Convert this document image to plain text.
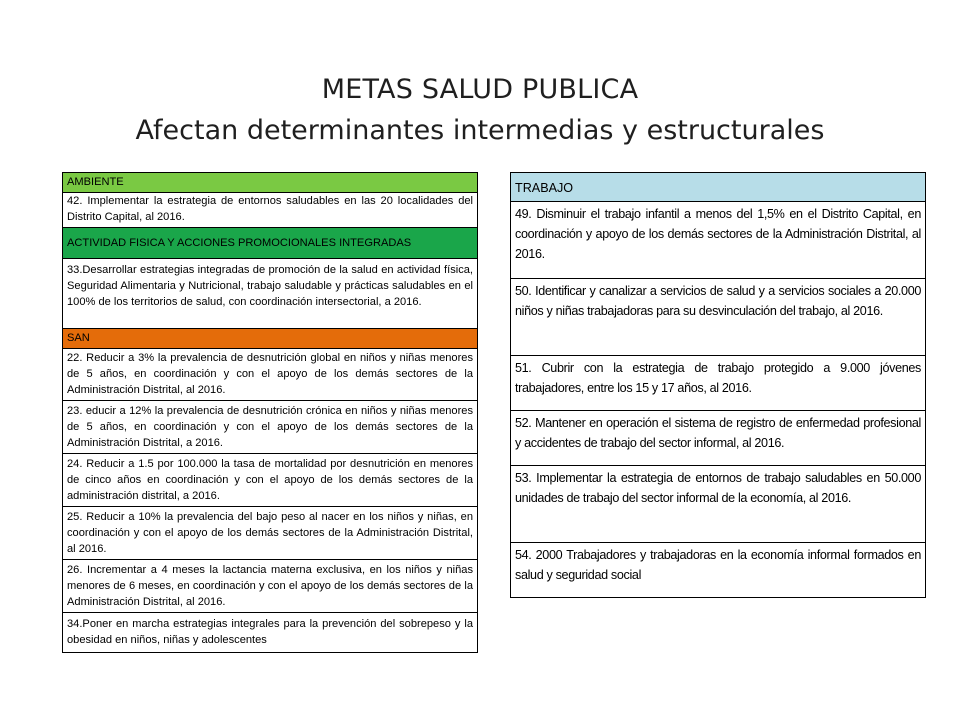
METAS SALUD PUBLICA
Afectan determinantes intermedias y estructurales
AMBIENTE
42. Implementar la estrategia de entornos saludables en las 20 localidades del Distrito Capital, al 2016.
ACTIVIDAD FISICA Y ACCIONES PROMOCIONALES INTEGRADAS
33.Desarrollar estrategias integradas de promoción de la salud en actividad física, Seguridad Alimentaria y Nutricional, trabajo saludable y prácticas saludables en el 100% de los territorios de salud, con coordinación intersectorial, a 2016.
SAN
22. Reducir a 3% la prevalencia de desnutrición global en niños y niñas menores de 5 años, en coordinación y con el apoyo de los demás sectores de la Administración Distrital, al 2016.
23. educir a 12% la prevalencia de desnutrición crónica en niños y niñas menores de 5 años, en coordinación y con el apoyo de los demás sectores de la Administración Distrital, a 2016.
24. Reducir a 1.5 por 100.000 la tasa de mortalidad por desnutrición en menores de cinco años en coordinación y con el apoyo de los demás sectores de la administración distrital, a 2016.
25. Reducir a 10% la prevalencia del bajo peso al nacer en los niños y niñas, en coordinación y con el apoyo de los demás sectores de la Administración Distrital, al 2016.
26. Incrementar a 4 meses la lactancia materna exclusiva, en los niños y niñas menores de 6 meses, en coordinación y con el apoyo de los demás sectores de la Administración Distrital, al 2016.
34.Poner en marcha estrategias integrales para la prevención del sobrepeso y la obesidad en niños, niñas y adolescentes
TRABAJO
49. Disminuir el trabajo infantil a menos del 1,5% en el Distrito Capital, en coordinación y apoyo de los demás sectores de la Administración Distrital, al 2016.
50. Identificar y canalizar a servicios de salud y a servicios sociales a 20.000 niños y niñas trabajadoras para su desvinculación del trabajo, al 2016.
51. Cubrir con la estrategia de trabajo protegido a 9.000 jóvenes trabajadores, entre los 15 y 17 años, al 2016.
52. Mantener en operación el sistema de registro de enfermedad profesional y accidentes de trabajo del sector informal, al 2016.
53. Implementar la estrategia de entornos de trabajo saludables en 50.000 unidades de trabajo del sector informal de la economía, al 2016.
54. 2000 Trabajadores y trabajadoras en la economía informal formados en salud y seguridad social
